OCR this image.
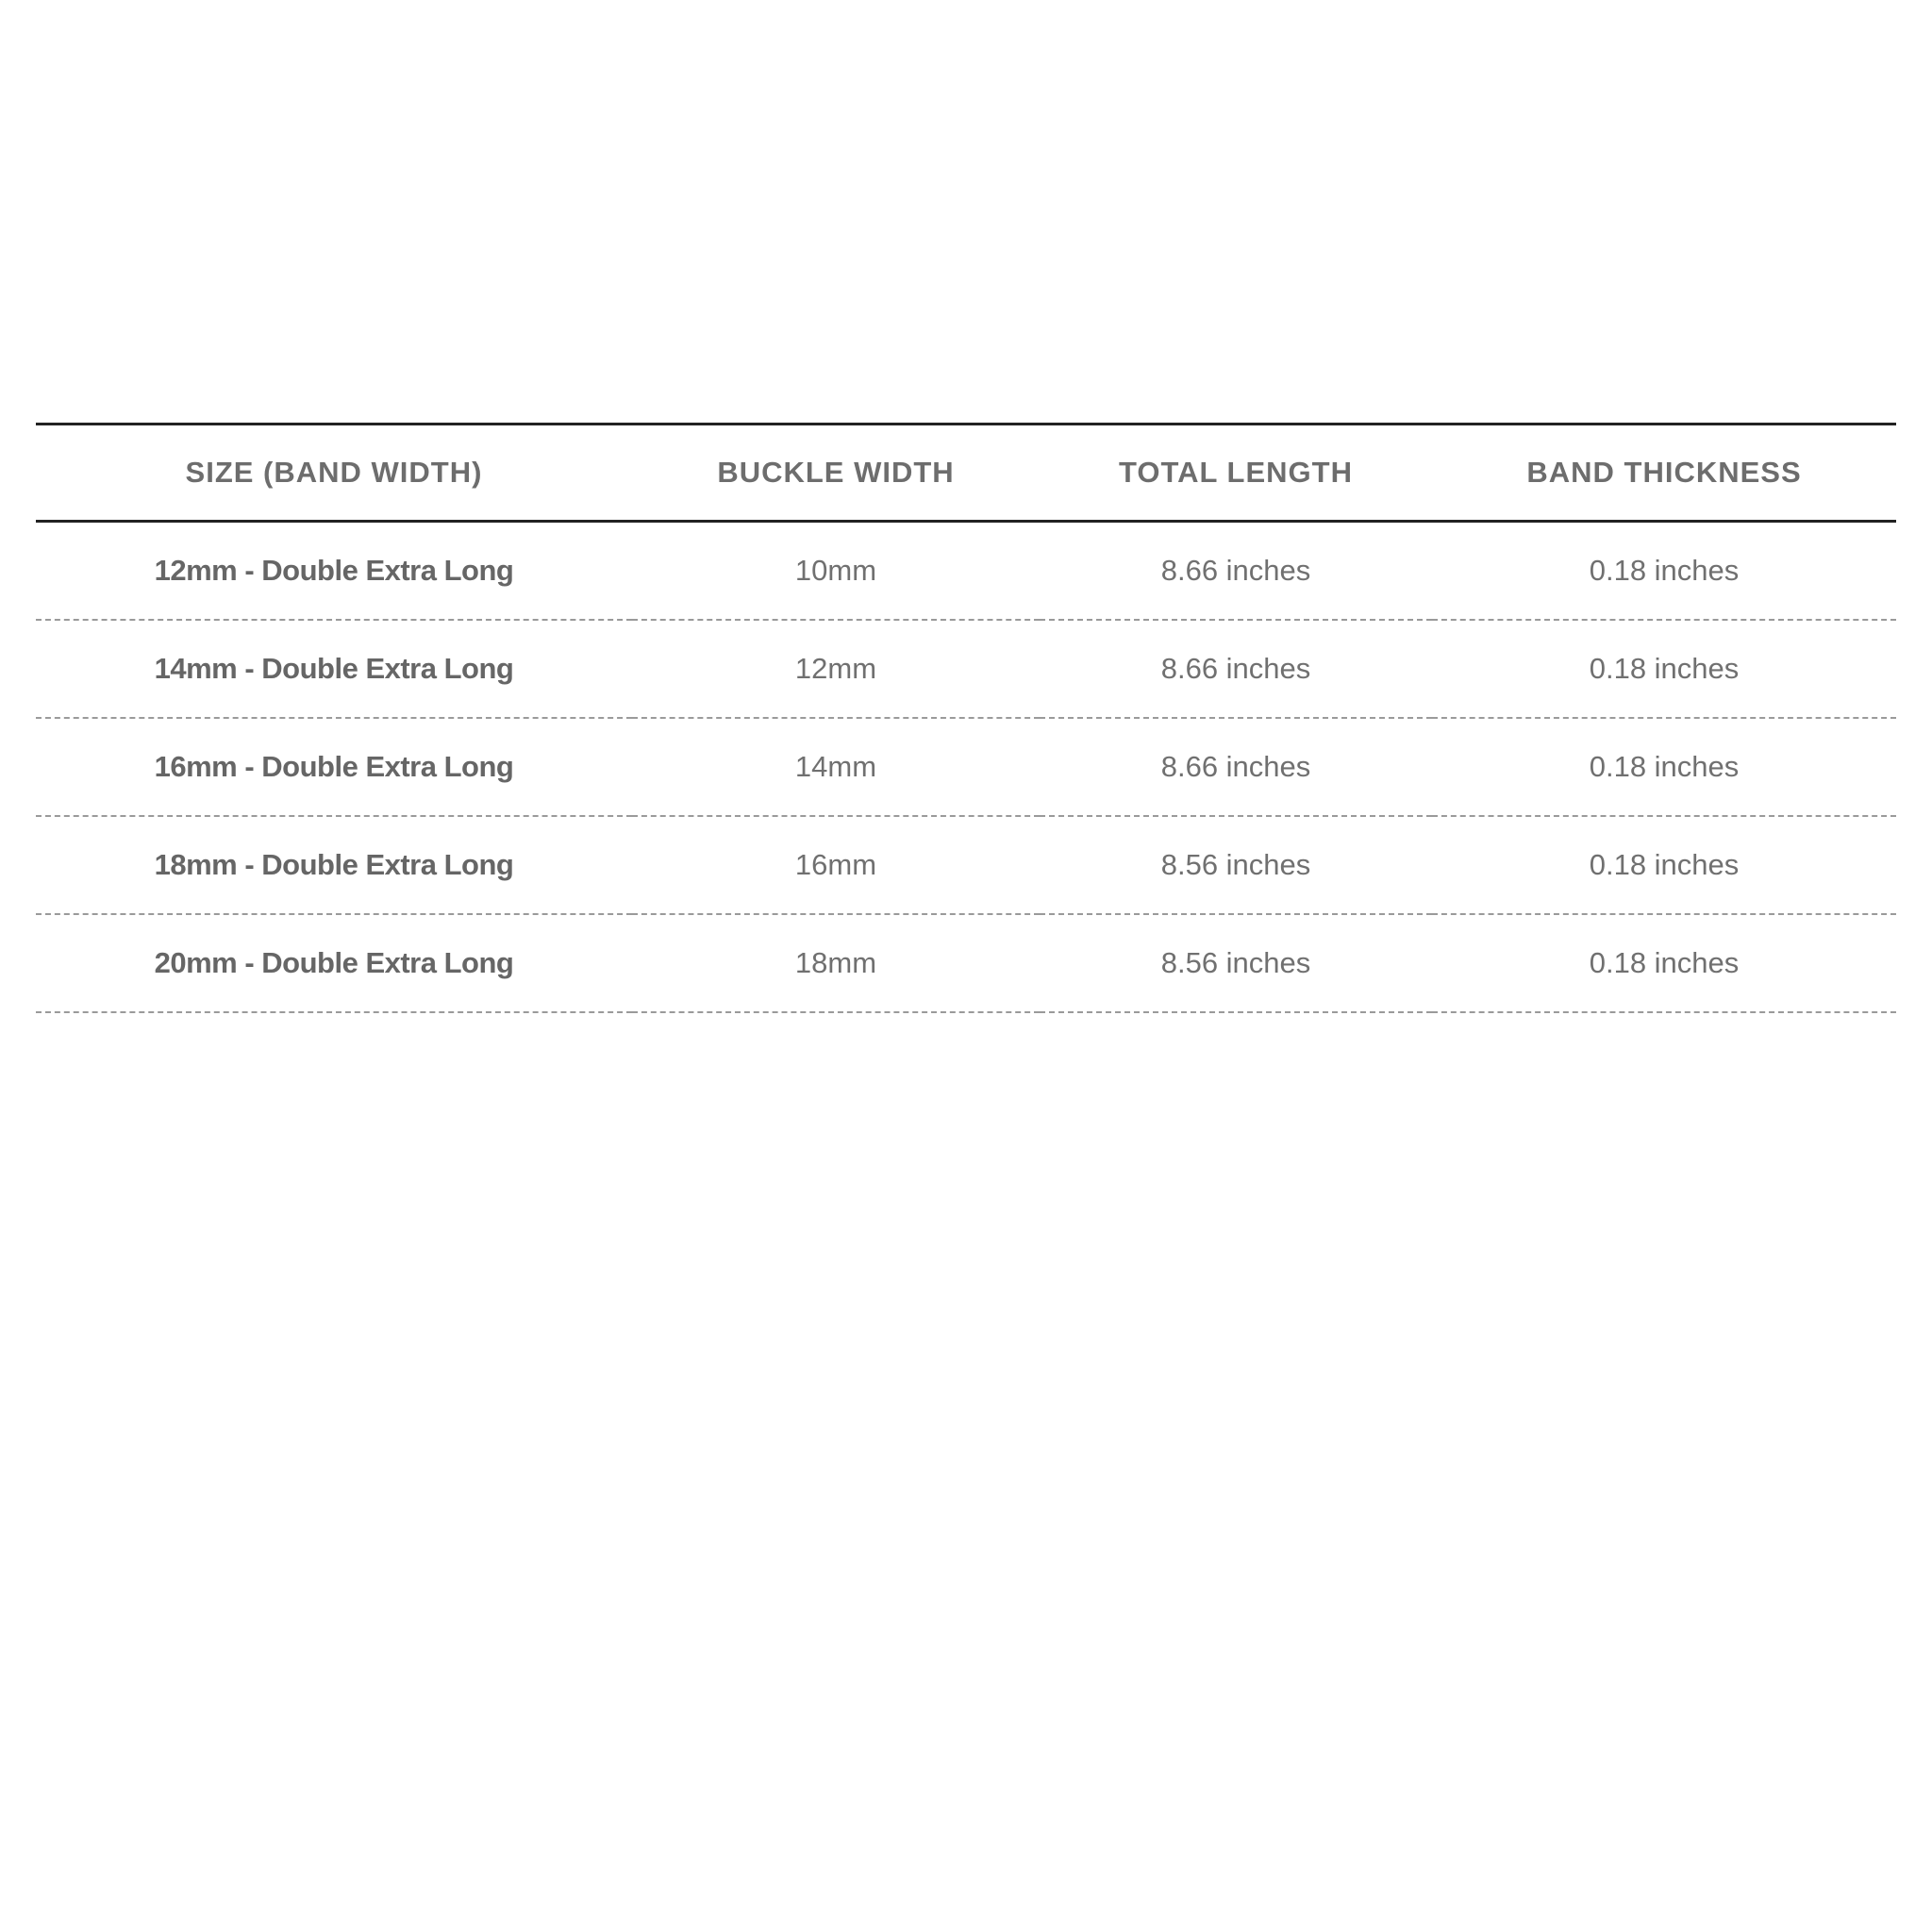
SIZE (BAND WIDTH)	BUCKLE WIDTH	TOTAL LENGTH	BAND THICKNESS
12mm - Double Extra Long	10mm	8.66 inches	0.18 inches
14mm - Double Extra Long	12mm	8.66 inches	0.18 inches
16mm - Double Extra Long	14mm	8.66 inches	0.18 inches
18mm - Double Extra Long	16mm	8.56 inches	0.18 inches
20mm - Double Extra Long	18mm	8.56 inches	0.18 inches
